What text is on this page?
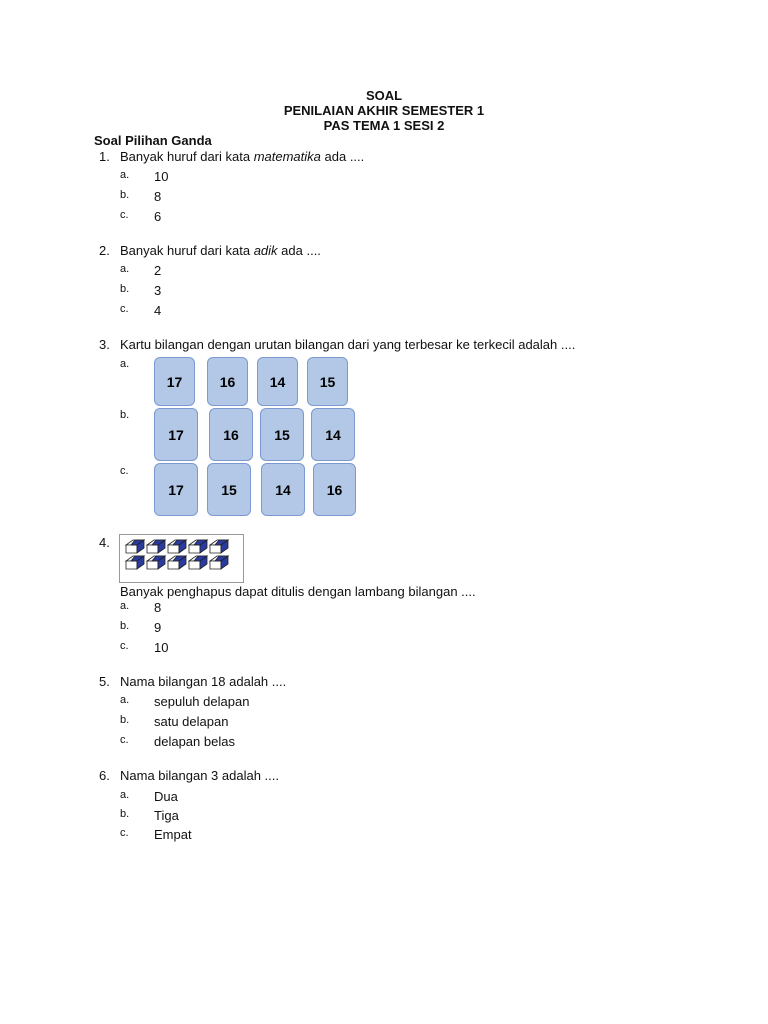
SOAL
PENILAIAN AKHIR SEMESTER 1
PAS TEMA 1 SESI 2
Soal Pilihan Ganda
1. Banyak huruf dari kata matematika ada ....
a. 10
b. 8
c. 6
2. Banyak huruf dari kata adik ada ....
a. 2
b. 3
c. 4
3. Kartu bilangan dengan urutan bilangan dari yang terbesar ke terkecil adalah ....
a.
17	16	14	15
b.
17	16	15	14
c.
17	15	14	16
4.
Banyak penghapus dapat ditulis dengan lambang bilangan ....
a. 8
b. 9
c. 10
5. Nama bilangan 18 adalah ....
a. sepuluh delapan
b. satu delapan
c. delapan belas
6. Nama bilangan 3 adalah ....
a. Dua
b. Tiga
c. Empat
